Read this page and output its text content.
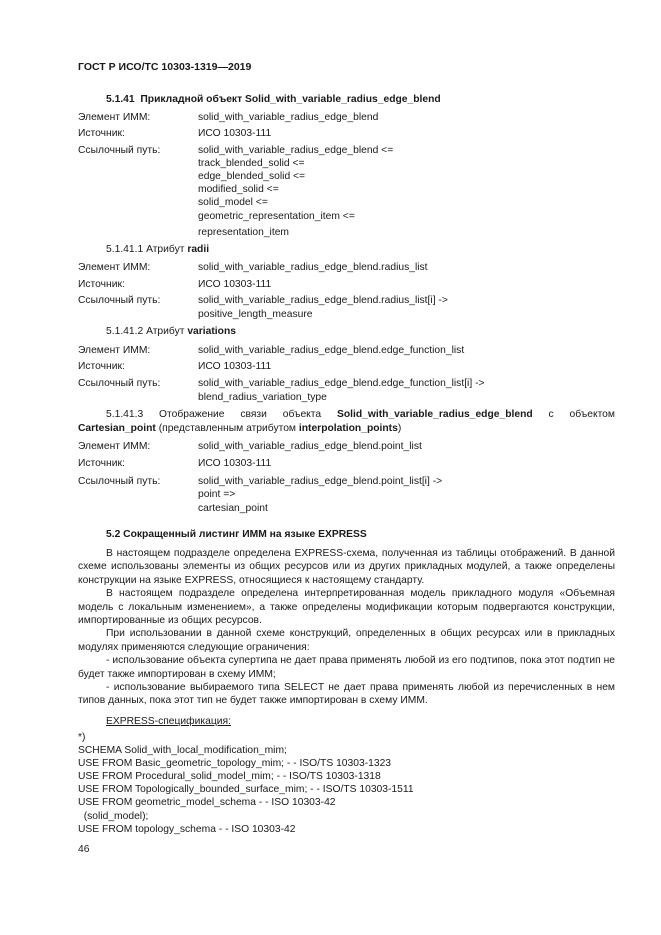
ГОСТ Р ИСО/ТС 10303-1319—2019
5.1.41 Прикладной объект Solid_with_variable_radius_edge_blend
Элемент ИММ:	solid_with_variable_radius_edge_blend
Источник:	ИСО 10303-111
Ссылочный путь:	solid_with_variable_radius_edge_blend <=
track_blended_solid <=
edge_blended_solid <=
modified_solid <=
solid_model <=
geometric_representation_item <=
representation_item
5.1.41.1 Атрибут radii
Элемент ИММ:	solid_with_variable_radius_edge_blend.radius_list
Источник:	ИСО 10303-111
Ссылочный путь:	solid_with_variable_radius_edge_blend.radius_list[i] ->
positive_length_measure
5.1.41.2 Атрибут variations
Элемент ИММ:	solid_with_variable_radius_edge_blend.edge_function_list
Источник:	ИСО 10303-111
Ссылочный путь:	solid_with_variable_radius_edge_blend.edge_function_list[i] ->
blend_radius_variation_type
5.1.41.3 Отображение связи объекта Solid_with_variable_radius_edge_blend с объектом
Cartesian_point (представленным атрибутом interpolation_points)
Элемент ИММ:	solid_with_variable_radius_edge_blend.point_list
Источник:	ИСО 10303-111
Ссылочный путь:	solid_with_variable_radius_edge_blend.point_list[i] ->
point =>
cartesian_point
5.2 Сокращенный листинг ИММ на языке EXPRESS

В настоящем подразделе определена EXPRESS-схема, полученная из таблицы отображений. В данной схеме использованы элементы из общих ресурсов или из других прикладных модулей, а также определены конструкции на языке EXPRESS, относящиеся к настоящему стандарту.

В настоящем подразделе определена интерпретированная модель прикладного модуля «Объемная модель с локальным изменением», а также определены модификации которым подвергаются конструкции, импортированные из общих ресурсов.

При использовании в данной схеме конструкций, определенных в общих ресурсах или в прикладных модулях применяются следующие ограничения:

- использование объекта супертипа не дает права применять любой из его подтипов, пока этот подтип не будет также импортирован в схему ИММ;

- использование выбираемого типа SELECT не дает права применять любой из перечисленных в нем типов данных, пока этот тип не будет также импортирован в схему ИММ.

EXPRESS-спецификация:
*)
SCHEMA Solid_with_local_modification_mim;
USE FROM Basic_geometric_topology_mim; - - ISO/TS 10303-1323
USE FROM Procedural_solid_model_mim; - - ISO/TS 10303-1318
USE FROM Topologically_bounded_surface_mim; - - ISO/TS 10303-1511
USE FROM geometric_model_schema - - ISO 10303-42
(solid_model);
USE FROM topology_schema - - ISO 10303-42
46
